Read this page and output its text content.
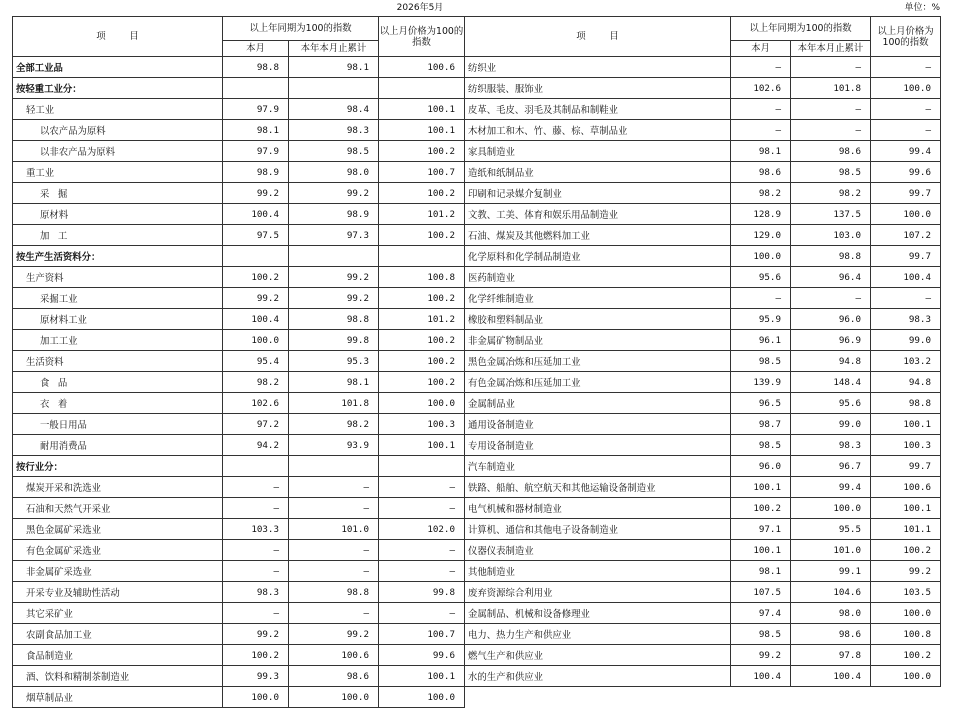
2026年5月	单位：%
项        目	以上年同期为100的指数		以上月价格为100的指数	项        目	以上年同期为100的指数		以上月价格为100的指数
	本月	本年本月止累计			本月	本年本月止累计	
全部工业品	98.8	98.1	100.6	纺织业	—	—	—
按轻重工业分：				纺织服装、服饰业	102.6	101.8	100.0
轻工业	97.9	98.4	100.1	皮革、毛皮、羽毛及其制品和制鞋业	—	—	—
以农产品为原料	98.1	98.3	100.1	木材加工和木、竹、藤、棕、草制品业	—	—	—
以非农产品为原料	97.9	98.5	100.2	家具制造业	98.1	98.6	99.4
重工业	98.9	98.0	100.7	造纸和纸制品业	98.6	98.5	99.6
采掘	99.2	99.2	100.2	印刷和记录媒介复制业	98.2	98.2	99.7
原材料	100.4	98.9	101.2	文教、工美、体育和娱乐用品制造业	128.9	137.5	100.0
加工	97.5	97.3	100.2	石油、煤炭及其他燃料加工业	129.0	103.0	107.2
按生产生活资料分：				化学原料和化学制品制造业	100.0	98.8	99.7
生产资料	100.2	99.2	100.8	医药制造业	95.6	96.4	100.4
采掘工业	99.2	99.2	100.2	化学纤维制造业	—	—	—
原材料工业	100.4	98.8	101.2	橡胶和塑料制品业	95.9	96.0	98.3
加工工业	100.0	99.8	100.2	非金属矿物制品业	96.1	96.9	99.0
生活资料	95.4	95.3	100.2	黑色金属冶炼和压延加工业	98.5	94.8	103.2
食品	98.2	98.1	100.2	有色金属冶炼和压延加工业	139.9	148.4	94.8
衣着	102.6	101.8	100.0	金属制品业	96.5	95.6	98.8
一般日用品	97.2	98.2	100.3	通用设备制造业	98.7	99.0	100.1
耐用消费品	94.2	93.9	100.1	专用设备制造业	98.5	98.3	100.3
按行业分：				汽车制造业	96.0	96.7	99.7
煤炭开采和洗选业	—	—	—	铁路、船舶、航空航天和其他运输设备制造业	100.1	99.4	100.6
石油和天然气开采业	—	—	—	电气机械和器材制造业	100.2	100.0	100.1
黑色金属矿采选业	103.3	101.0	102.0	计算机、通信和其他电子设备制造业	97.1	95.5	101.1
有色金属矿采选业	—	—	—	仪器仪表制造业	100.1	101.0	100.2
非金属矿采选业	—	—	—	其他制造业	98.1	99.1	99.2
开采专业及辅助性活动	98.3	98.8	99.8	废弃资源综合利用业	107.5	104.6	103.5
其它采矿业	—	—	—	金属制品、机械和设备修理业	97.4	98.0	100.0
农副食品加工业	99.2	99.2	100.7	电力、热力生产和供应业	98.5	98.6	100.8
食品制造业	100.2	100.6	99.6	燃气生产和供应业	99.2	97.8	100.2
酒、饮料和精制茶制造业	99.3	98.6	100.1	水的生产和供应业	100.4	100.4	100.0
烟草制品业	100.0	100.0	100.0				
